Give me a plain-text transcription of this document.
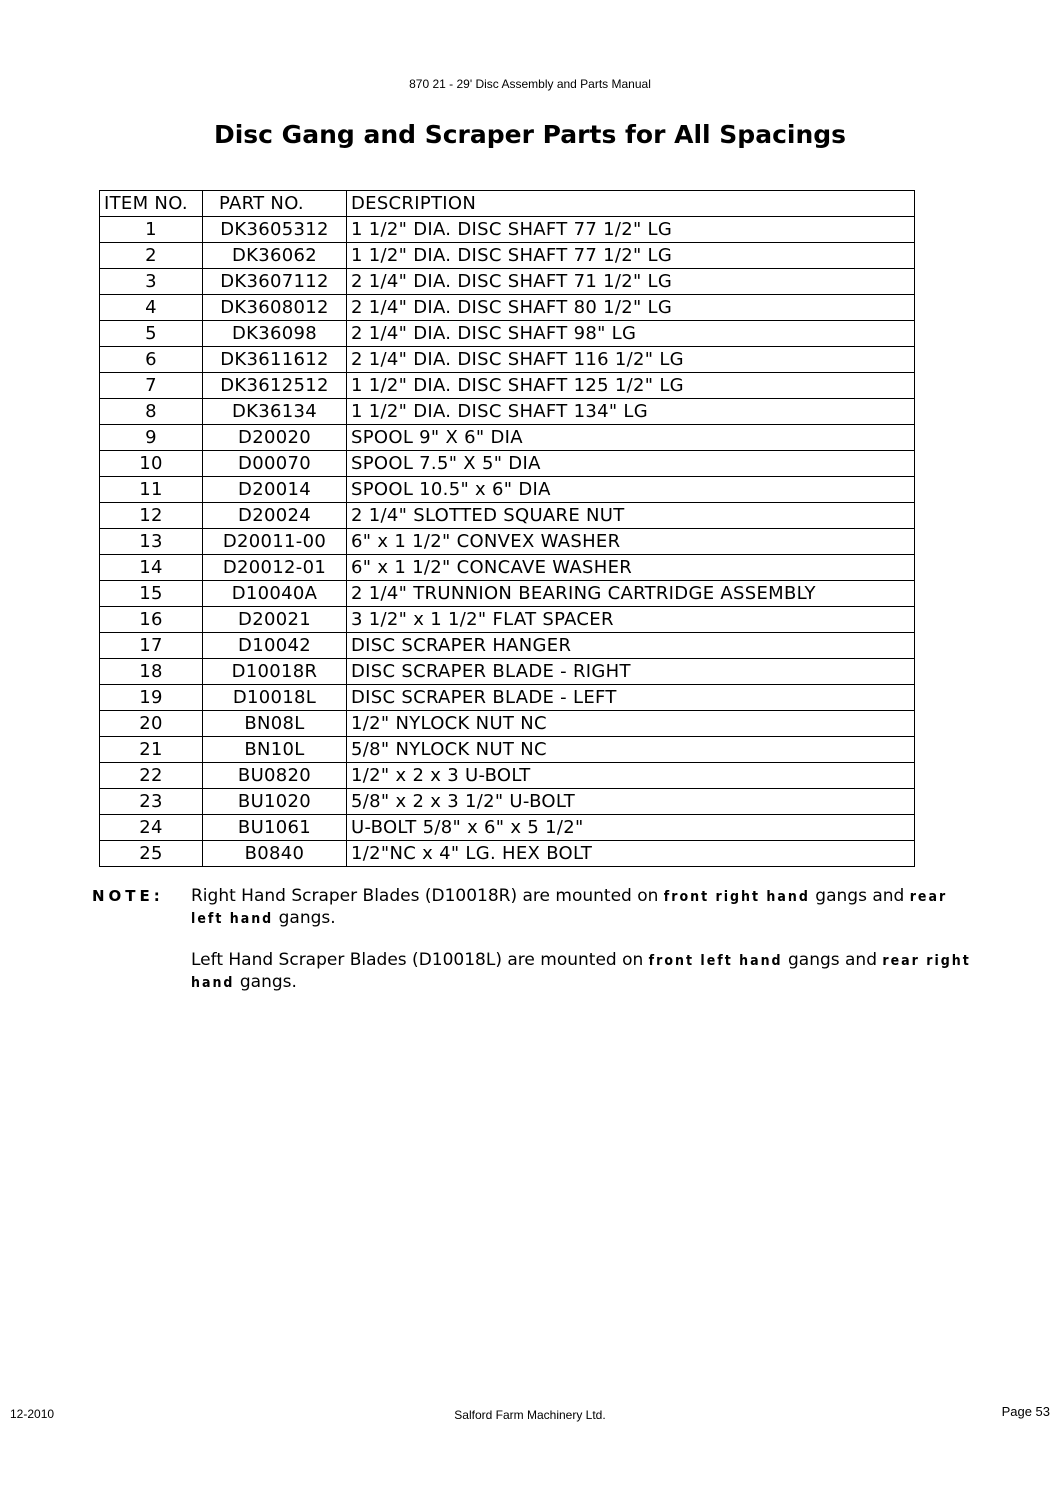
870 21 - 29' Disc Assembly and Parts Manual
Disc Gang and Scraper Parts for All Spacings
ITEM NO.	PART NO.	DESCRIPTION
1	DK3605312	1 1/2" DIA. DISC SHAFT 77 1/2" LG
2	DK36062	1 1/2" DIA. DISC SHAFT 77 1/2" LG
3	DK3607112	2 1/4" DIA. DISC SHAFT 71 1/2" LG
4	DK3608012	2 1/4" DIA. DISC SHAFT 80 1/2" LG
5	DK36098	2 1/4" DIA. DISC SHAFT 98" LG
6	DK3611612	2 1/4" DIA. DISC SHAFT 116 1/2" LG
7	DK3612512	1 1/2" DIA. DISC SHAFT 125 1/2" LG
8	DK36134	1 1/2" DIA. DISC SHAFT 134" LG
9	D20020	SPOOL 9" X 6" DIA
10	D00070	SPOOL 7.5" X 5" DIA
11	D20014	SPOOL 10.5" x 6" DIA
12	D20024	2 1/4" SLOTTED SQUARE NUT
13	D20011-00	6" x 1 1/2" CONVEX WASHER
14	D20012-01	6" x 1 1/2" CONCAVE WASHER
15	D10040A	2 1/4" TRUNNION BEARING CARTRIDGE ASSEMBLY
16	D20021	3 1/2" x 1 1/2" FLAT SPACER
17	D10042	DISC SCRAPER HANGER
18	D10018R	DISC SCRAPER BLADE - RIGHT
19	D10018L	DISC SCRAPER BLADE - LEFT
20	BN08L	1/2" NYLOCK NUT NC
21	BN10L	5/8" NYLOCK NUT NC
22	BU0820	1/2" x 2 x 3 U-BOLT
23	BU1020	5/8" x 2 x 3 1/2" U-BOLT
24	BU1061	U-BOLT 5/8" x 6" x 5 1/2"
25	B0840	1/2"NC x 4" LG. HEX BOLT
NOTE: Right Hand Scraper Blades (D10018R) are mounted on front right hand gangs and rear left hand gangs.
Left Hand Scraper Blades (D10018L) are mounted on front left hand gangs and rear right hand gangs.
12-2010	Salford Farm Machinery Ltd.	Page 53
